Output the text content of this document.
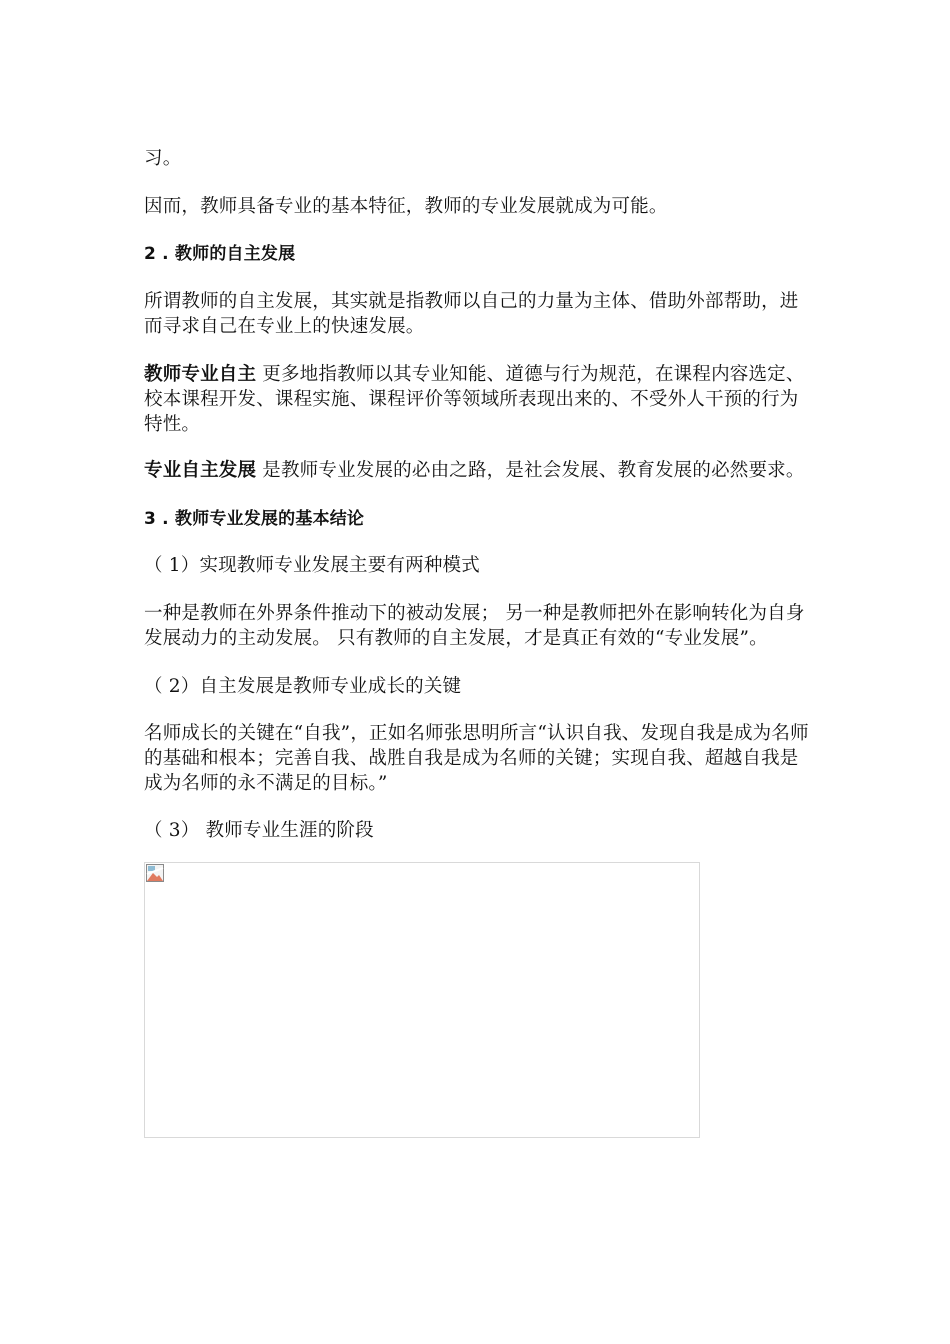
习。

因而，教师具备专业的基本特征，教师的专业发展就成为可能。

2 . 教师的自主发展

所谓教师的自主发展，其实就是指教师以自己的力量为主体、借助外部帮助，进而寻求自己在专业上的快速发展。

教师专业自主 更多地指教师以其专业知能、道德与行为规范，在课程内容选定、校本课程开发、课程实施、课程评价等领域所表现出来的、不受外人干预的行为特性。

专业自主发展 是教师专业发展的必由之路，是社会发展、教育发展的必然要求。

3 . 教师专业发展的基本结论

（ 1）实现教师专业发展主要有两种模式

一种是教师在外界条件推动下的被动发展； 另一种是教师把外在影响转化为自身发展动力的主动发展。 只有教师的自主发展，才是真正有效的“专业发展”。

（ 2）自主发展是教师专业成长的关键

名师成长的关键在“自我”，正如名师张思明所言“认识自我、发现自我是成为名师的基础和根本；完善自我、战胜自我是成为名师的关键；实现自我、超越自我是成为名师的永不满足的目标。”

（ 3） 教师专业生涯的阶段
